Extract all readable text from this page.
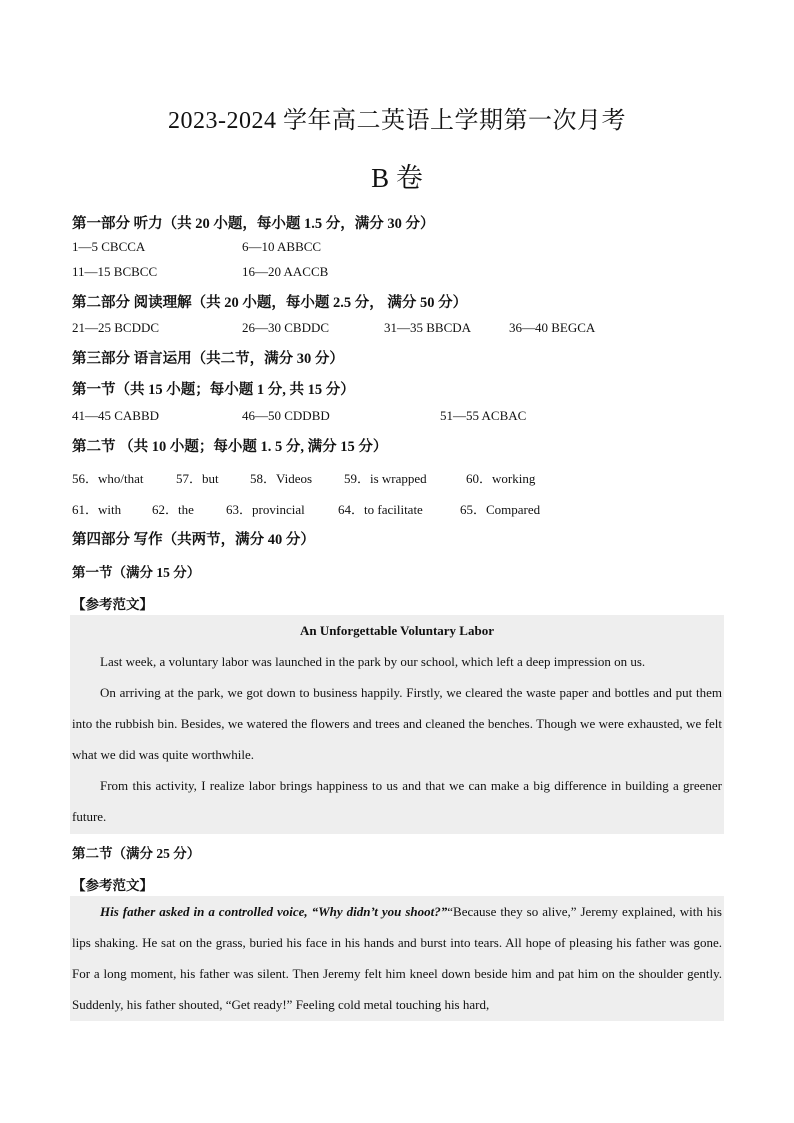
2023-2024 学年高二英语上学期第一次月考
B 卷
第一部分 听力（共 20 小题，每小题 1.5 分，满分 30 分）
1—5 CBCCA	6—10 ABBCC
11—15 BCBCC	16—20 AACCB
第二部分 阅读理解（共 20 小题，每小题 2.5 分， 满分 50 分）
21—25 BCDDC	26—30 CBDDC	31—35 BBCDA	36—40 BEGCA
第三部分 语言运用（共二节，满分 30 分）
第一节（共 15 小题；每小题 1 分, 共 15 分）
41—45 CABBD	46—50 CDDBD	51—55 ACBAC
第二节 （共 10 小题；每小题 1. 5 分, 满分 15 分）
56．who/that	57．but 58．Videos 59．is wrapped	60．working
61．with 62．the 63．provincial	64．to facilitate	65．Compared
第四部分 写作（共两节，满分 40 分）
第一节（满分 15 分）
【参考范文】
An Unforgettable Voluntary Labor
Last week, a voluntary labor was launched in the park by our school, which left a deep impression on us.
On arriving at the park, we got down to business happily. Firstly, we cleared the waste paper and bottles and put them into the rubbish bin. Besides, we watered the flowers and trees and cleaned the benches. Though we were exhausted, we felt what we did was quite worthwhile.
From this activity, I realize labor brings happiness to us and that we can make a big difference in building a greener future.
第二节（满分 25 分）
【参考范文】
His father asked in a controlled voice, “Why didn’t you shoot?”“Because they so alive,” Jeremy explained, with his lips shaking. He sat on the grass, buried his face in his hands and burst into tears. All hope of pleasing his father was gone. For a long moment, his father was silent. Then Jeremy felt him kneel down beside him and pat him on the shoulder gently. Suddenly, his father shouted, “Get ready!” Feeling cold metal touching his hard,
